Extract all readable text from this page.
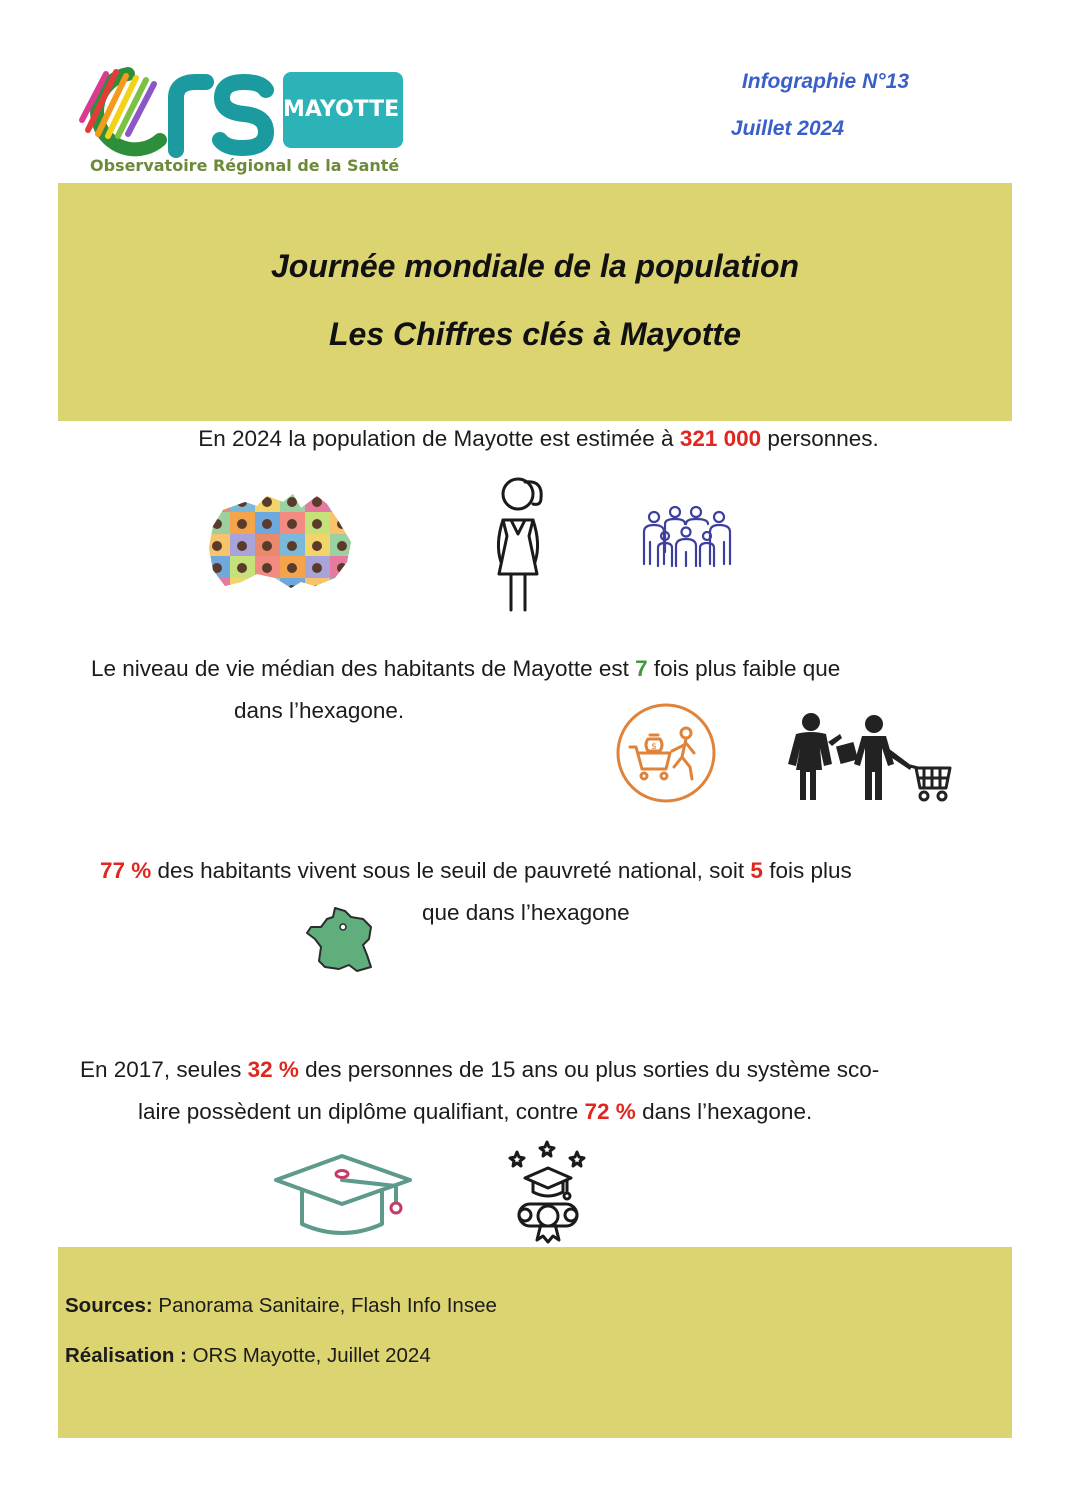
MAYOTTE
Observatoire Régional de la Santé
Infographie N°13
Juillet 2024
Journée mondiale de la population
Les Chiffres clés à Mayotte
En 2024 la population de Mayotte est estimée à 321 000 personnes.
Le niveau de vie médian des habitants de Mayotte est 7 fois plus faible que
dans l’hexagone.
$
77 % des habitants vivent sous le seuil de pauvreté national, soit 5 fois plus
que dans l’hexagone
En 2017, seules 32 % des personnes de 15 ans ou plus sorties du système sco-
laire possèdent un diplôme qualifiant, contre 72 % dans l’hexagone.
Sources: Panorama Sanitaire, Flash Info Insee
Réalisation : ORS Mayotte, Juillet 2024
